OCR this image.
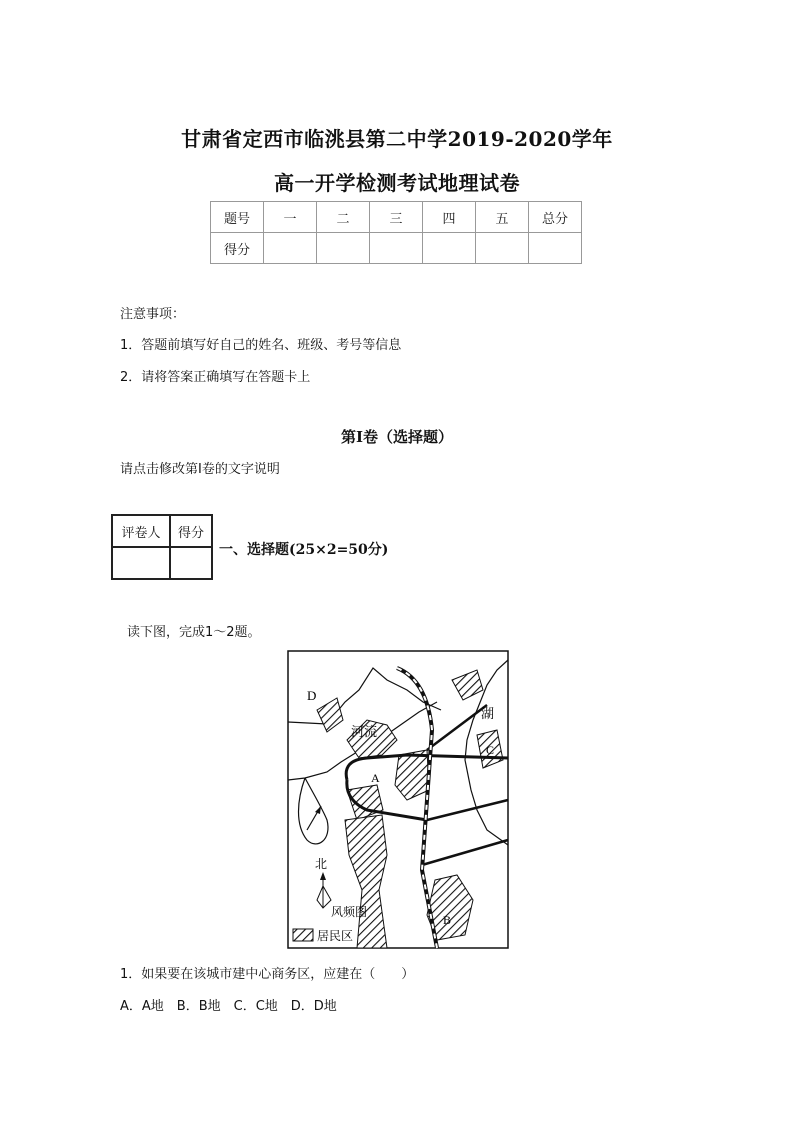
甘肃省定西市临洮县第二中学2019-2020学年
高一开学检测考试地理试卷
题号	一	二	三	四	五	总分
得分						
注意事项：
1．答题前填写好自己的姓名、班级、考号等信息
2．请将答案正确填写在答题卡上
第Ⅰ卷（选择题）
请点击修改第Ⅰ卷的文字说明
评卷人	得分

一、选择题(25×2=50分)
读下图，完成1～2题。
D
河流
湖
A
B
C
北
风频图
居民区
1．如果要在该城市建中心商务区，应建在（　　）
A．A地　B．B地　C．C地　D．D地
